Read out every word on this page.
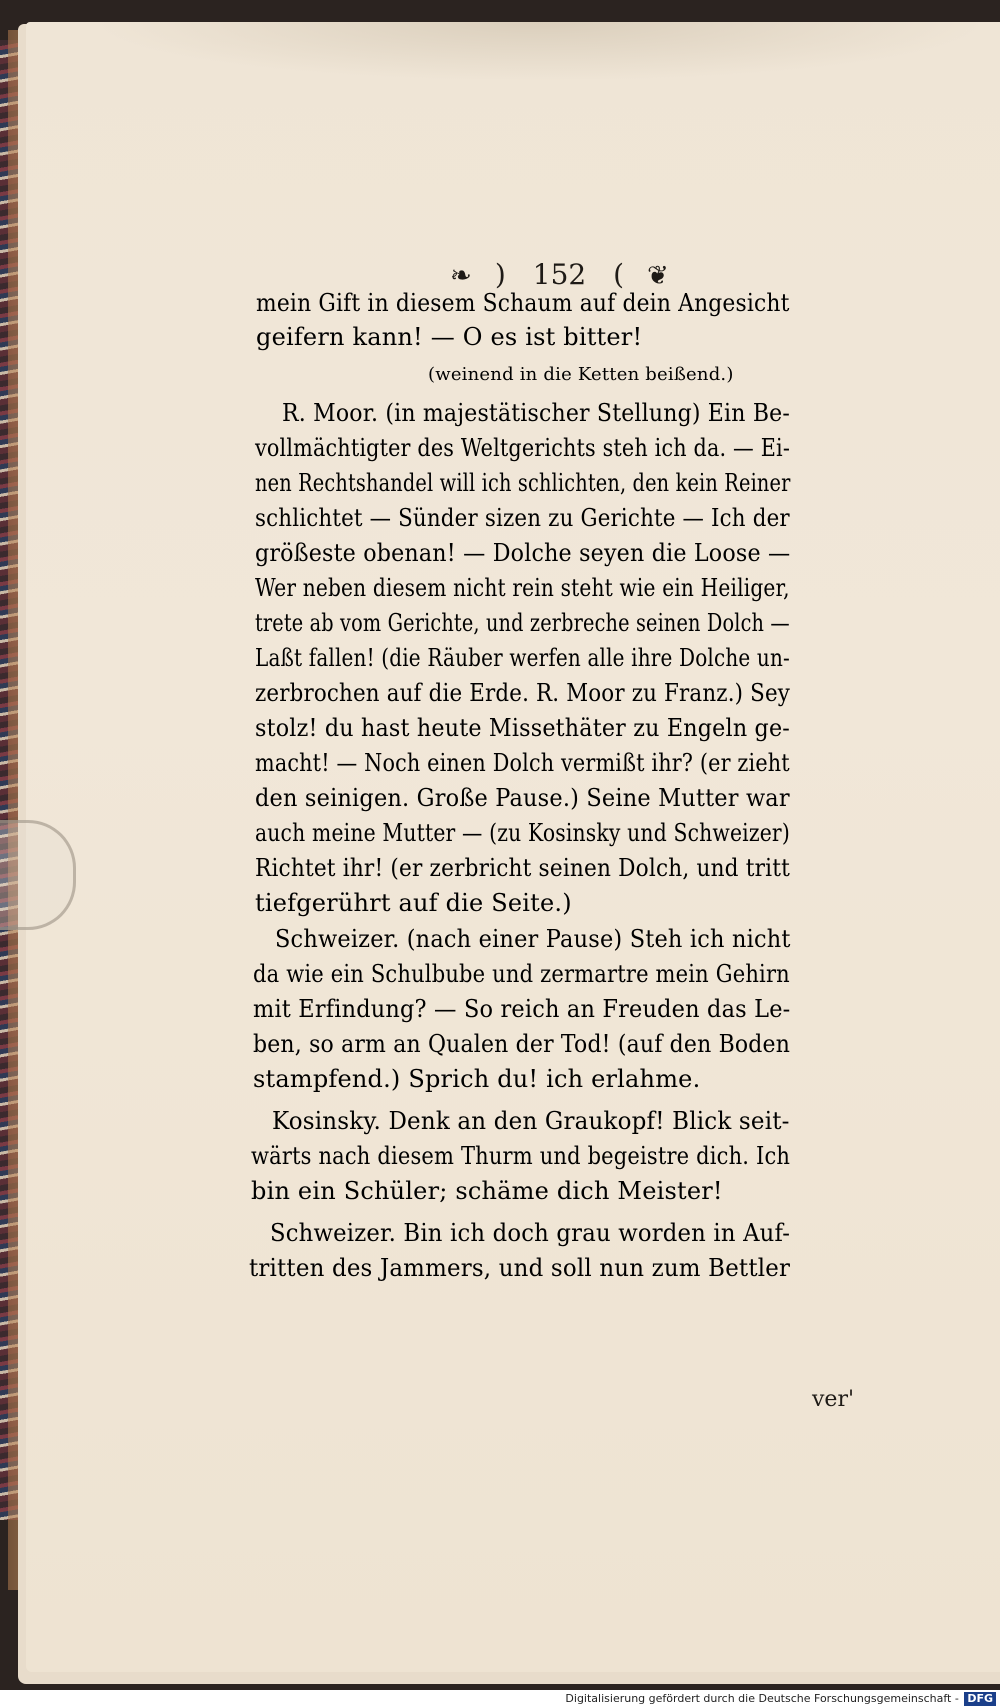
❧ ) 152 ( ❦
mein Gift in diesem Schaum auf dein Angesicht
geifern kann! — O es ist bitter!
(weinend in die Ketten beißend.)
R. Moor. (in majestätischer Stellung) Ein Be-
vollmächtigter des Weltgerichts steh ich da. — Ei-
nen Rechtshandel will ich schlichten, den kein Reiner
schlichtet — Sünder sizen zu Gerichte — Ich der
größeste obenan! — Dolche seyen die Loose —
Wer neben diesem nicht rein steht wie ein Heiliger,
trete ab vom Gerichte, und zerbreche seinen Dolch —
Laßt fallen! (die Räuber werfen alle ihre Dolche un-
zerbrochen auf die Erde. R. Moor zu Franz.) Sey
stolz! du hast heute Missethäter zu Engeln ge-
macht! — Noch einen Dolch vermißt ihr? (er zieht
den seinigen. Große Pause.) Seine Mutter war
auch meine Mutter — (zu Kosinsky und Schweizer)
Richtet ihr! (er zerbricht seinen Dolch, und tritt
tiefgerührt auf die Seite.)
Schweizer. (nach einer Pause) Steh ich nicht
da wie ein Schulbube und zermartre mein Gehirn
mit Erfindung? — So reich an Freuden das Le-
ben, so arm an Qualen der Tod! (auf den Boden
stampfend.) Sprich du! ich erlahme.
Kosinsky. Denk an den Graukopf! Blick seit-
wärts nach diesem Thurm und begeistre dich. Ich
bin ein Schüler; schäme dich Meister!
Schweizer. Bin ich doch grau worden in Auf-
tritten des Jammers, und soll nun zum Bettler
ver'
Digitalisierung gefördert durch die Deutsche Forschungsgemeinschaft - DFG
